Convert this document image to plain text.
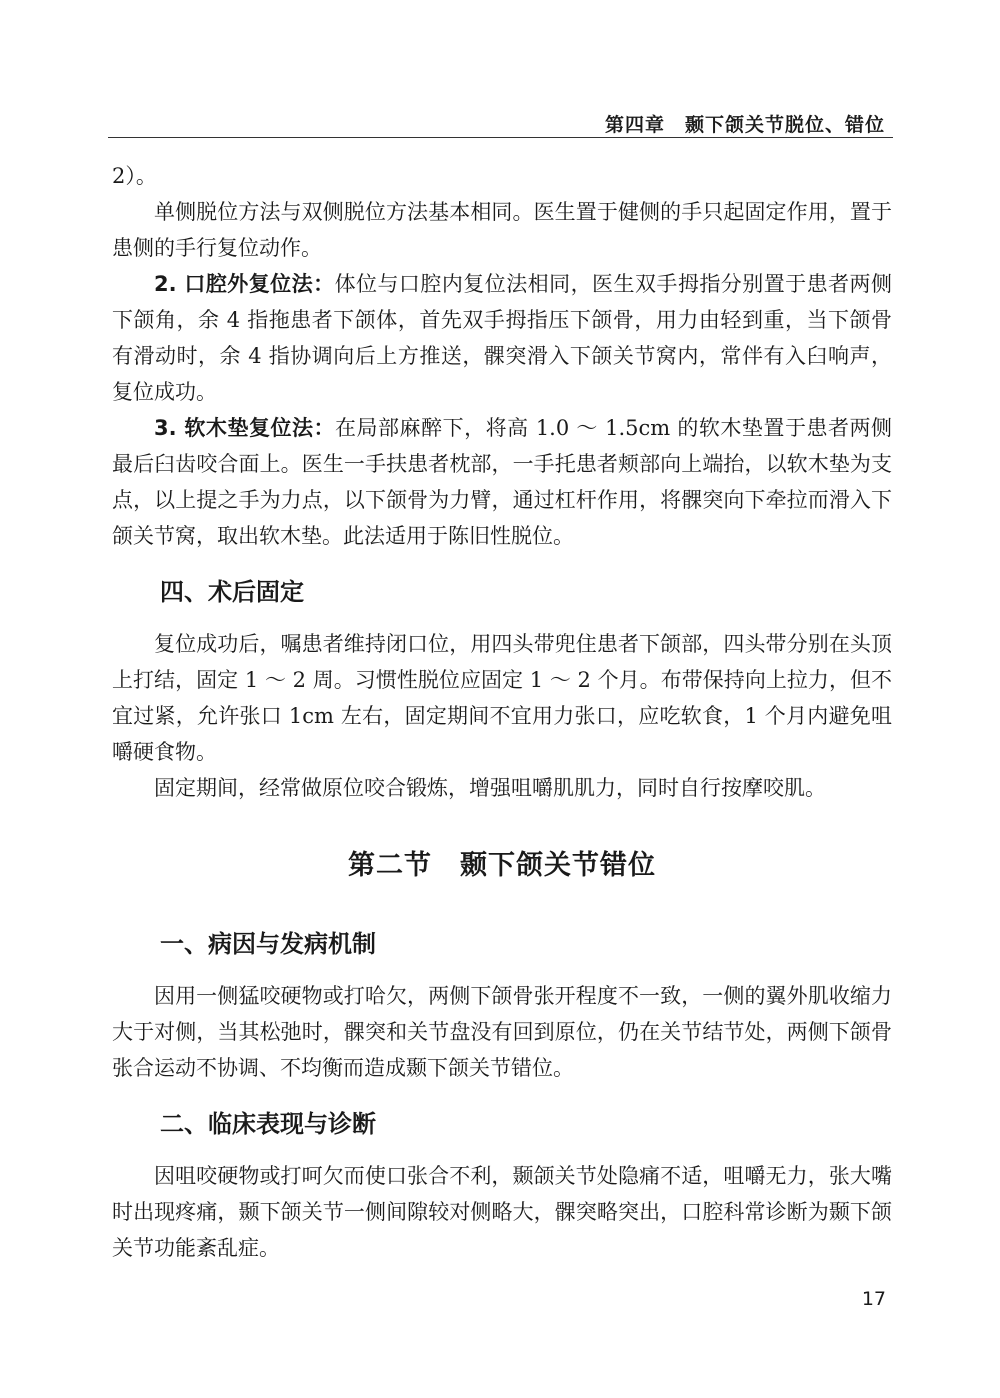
第四章　颞下颌关节脱位、错位

2）。

单侧脱位方法与双侧脱位方法基本相同。医生置于健侧的手只起固定作用，置于患侧的手行复位动作。

2. 口腔外复位法：体位与口腔内复位法相同，医生双手拇指分别置于患者两侧下颌角，余 4 指拖患者下颌体，首先双手拇指压下颌骨，用力由轻到重，当下颌骨有滑动时，余 4 指协调向后上方推送，髁突滑入下颌关节窝内，常伴有入臼响声，复位成功。

3. 软木垫复位法：在局部麻醉下，将高 1.0 ～ 1.5cm 的软木垫置于患者两侧最后臼齿咬合面上。医生一手扶患者枕部，一手托患者颊部向上端抬，以软木垫为支点，以上提之手为力点，以下颌骨为力臂，通过杠杆作用，将髁突向下牵拉而滑入下颌关节窝，取出软木垫。此法适用于陈旧性脱位。

四、术后固定

复位成功后，嘱患者维持闭口位，用四头带兜住患者下颌部，四头带分别在头顶上打结，固定 1 ～ 2 周。习惯性脱位应固定 1 ～ 2 个月。布带保持向上拉力，但不宜过紧，允许张口 1cm 左右，固定期间不宜用力张口，应吃软食，1 个月内避免咀嚼硬食物。

固定期间，经常做原位咬合锻炼，增强咀嚼肌肌力，同时自行按摩咬肌。

第二节 颞下颌关节错位
一、病因与发病机制

因用一侧猛咬硬物或打哈欠，两侧下颌骨张开程度不一致，一侧的翼外肌收缩力大于对侧，当其松弛时，髁突和关节盘没有回到原位，仍在关节结节处，两侧下颌骨张合运动不协调、不均衡而造成颞下颌关节错位。

二、临床表现与诊断

因咀咬硬物或打呵欠而使口张合不利，颞颌关节处隐痛不适，咀嚼无力，张大嘴时出现疼痛，颞下颌关节一侧间隙较对侧略大，髁突略突出，口腔科常诊断为颞下颌关节功能紊乱症。

17
